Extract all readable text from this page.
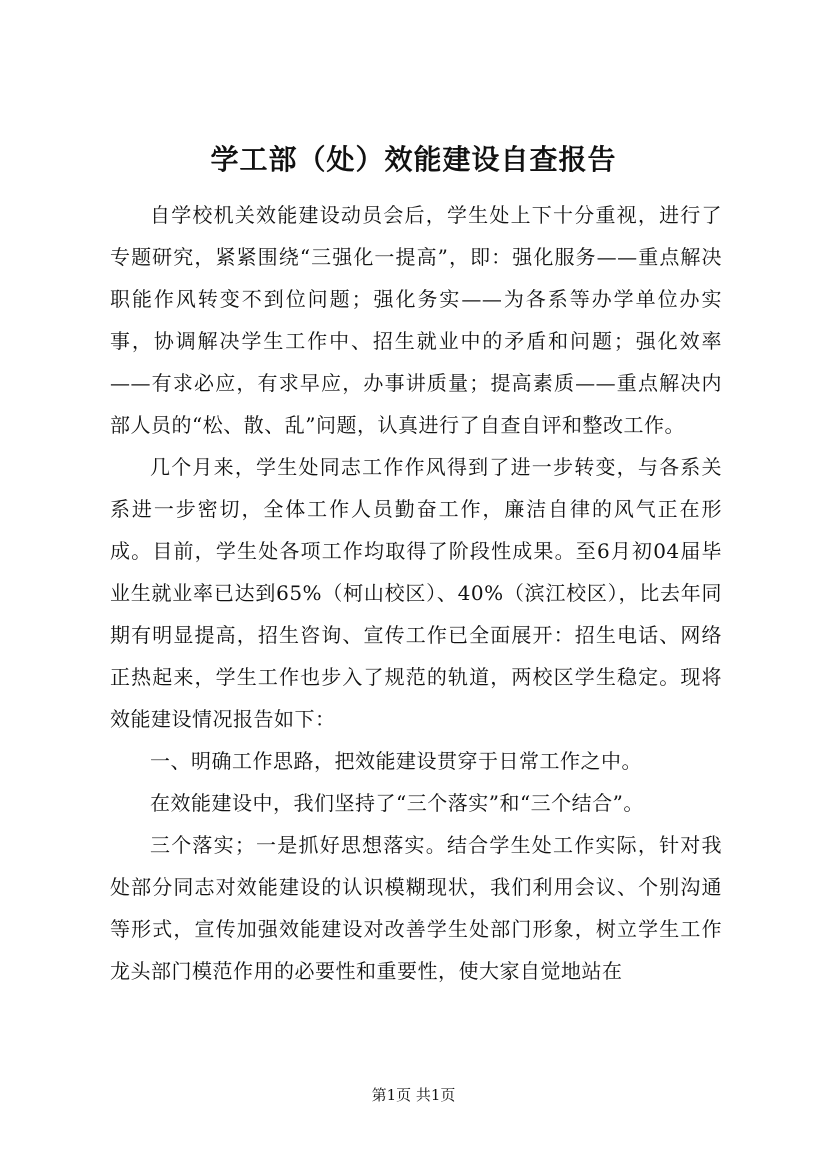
学工部（处）效能建设自查报告

自学校机关效能建设动员会后，学生处上下十分重视，进行了专题研究，紧紧围绕“三强化一提高”，即：强化服务——重点解决职能作风转变不到位问题；强化务实——为各系等办学单位办实事，协调解决学生工作中、招生就业中的矛盾和问题；强化效率——有求必应，有求早应，办事讲质量；提高素质——重点解决内部人员的“松、散、乱”问题，认真进行了自查自评和整改工作。

几个月来，学生处同志工作作风得到了进一步转变，与各系关系进一步密切，全体工作人员勤奋工作，廉洁自律的风气正在形成。目前，学生处各项工作均取得了阶段性成果。至6月初04届毕业生就业率已达到65%（柯山校区）、40%（滨江校区），比去年同期有明显提高，招生咨询、宣传工作已全面展开：招生电话、网络正热起来，学生工作也步入了规范的轨道，两校区学生稳定。现将效能建设情况报告如下：

一、明确工作思路，把效能建设贯穿于日常工作之中。

在效能建设中，我们坚持了“三个落实”和“三个结合”。

三个落实；一是抓好思想落实。结合学生处工作实际，针对我处部分同志对效能建设的认识模糊现状，我们利用会议、个别沟通等形式，宣传加强效能建设对改善学生处部门形象，树立学生工作龙头部门模范作用的必要性和重要性，使大家自觉地站在

第1页 共1页
